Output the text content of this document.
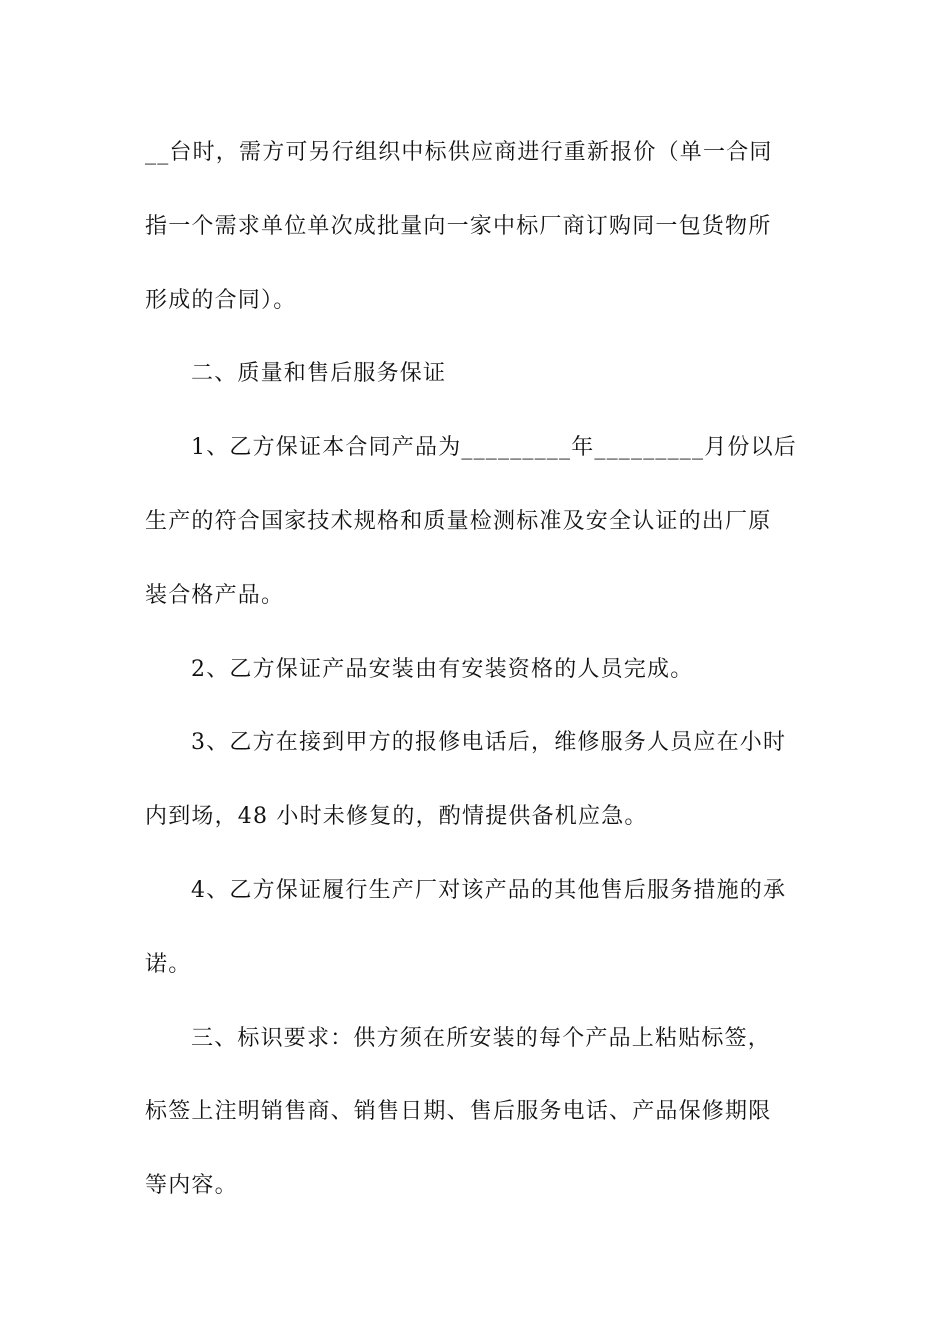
__台时，需方可另行组织中标供应商进行重新报价（单一合同
指一个需求单位单次成批量向一家中标厂商订购同一包货物所
形成的合同）。
二、质量和售后服务保证
1、乙方保证本合同产品为_________年_________月份以后
生产的符合国家技术规格和质量检测标准及安全认证的出厂原
装合格产品。
2、乙方保证产品安装由有安装资格的人员完成。
3、乙方在接到甲方的报修电话后，维修服务人员应在小时
内到场，48 小时未修复的，酌情提供备机应急。
4、乙方保证履行生产厂对该产品的其他售后服务措施的承
诺。
三、标识要求：供方须在所安装的每个产品上粘贴标签，
标签上注明销售商、销售日期、售后服务电话、产品保修期限
等内容。
